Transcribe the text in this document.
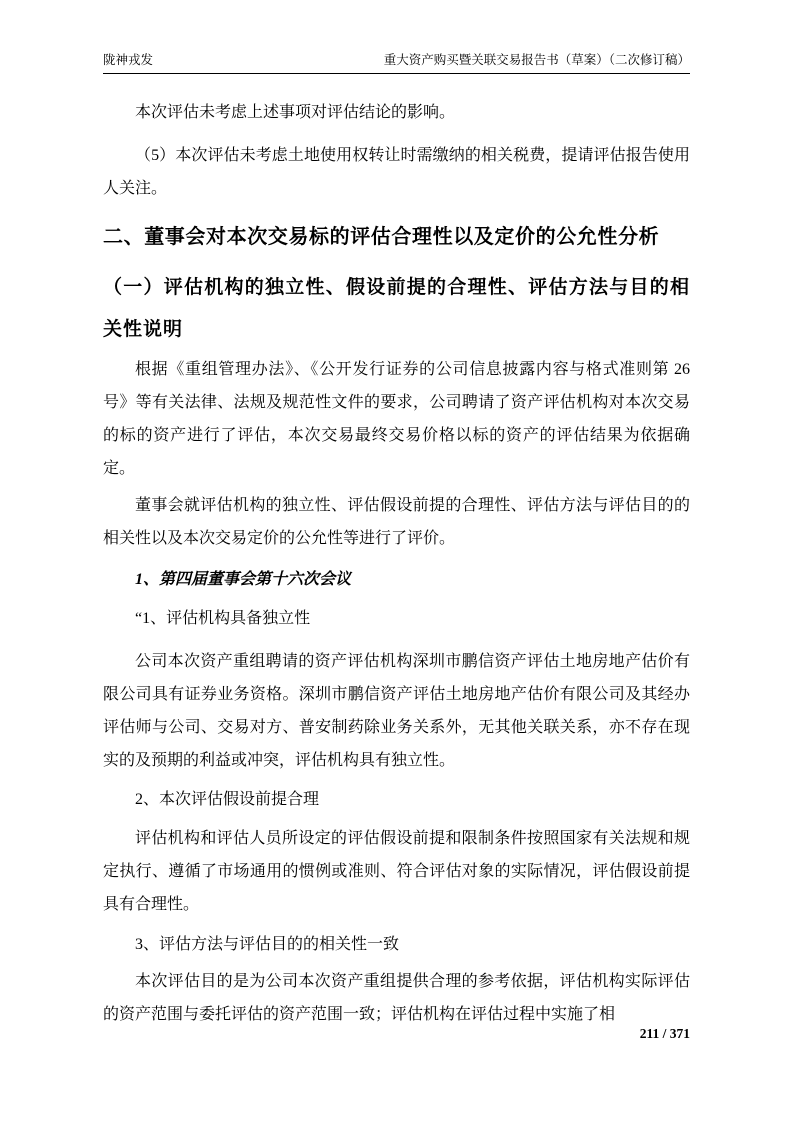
陇神戎发	重大资产购买暨关联交易报告书（草案）（二次修订稿）

本次评估未考虑上述事项对评估结论的影响。

（5）本次评估未考虑土地使用权转让时需缴纳的相关税费，提请评估报告使用人关注。

二、董事会对本次交易标的评估合理性以及定价的公允性分析
（一）评估机构的独立性、假设前提的合理性、评估方法与目的相关性说明

根据《重组管理办法》、《公开发行证券的公司信息披露内容与格式准则第 26 号》等有关法律、法规及规范性文件的要求，公司聘请了资产评估机构对本次交易的标的资产进行了评估，本次交易最终交易价格以标的资产的评估结果为依据确定。

董事会就评估机构的独立性、评估假设前提的合理性、评估方法与评估目的的相关性以及本次交易定价的公允性等进行了评价。

1、第四届董事会第十六次会议

“1、评估机构具备独立性

公司本次资产重组聘请的资产评估机构深圳市鹏信资产评估土地房地产估价有限公司具有证券业务资格。深圳市鹏信资产评估土地房地产估价有限公司及其经办评估师与公司、交易对方、普安制药除业务关系外，无其他关联关系，亦不存在现实的及预期的利益或冲突，评估机构具有独立性。

2、本次评估假设前提合理

评估机构和评估人员所设定的评估假设前提和限制条件按照国家有关法规和规定执行、遵循了市场通用的惯例或准则、符合评估对象的实际情况，评估假设前提具有合理性。

3、评估方法与评估目的的相关性一致

本次评估目的是为公司本次资产重组提供合理的参考依据，评估机构实际评估的资产范围与委托评估的资产范围一致；评估机构在评估过程中实施了相

211 / 371
